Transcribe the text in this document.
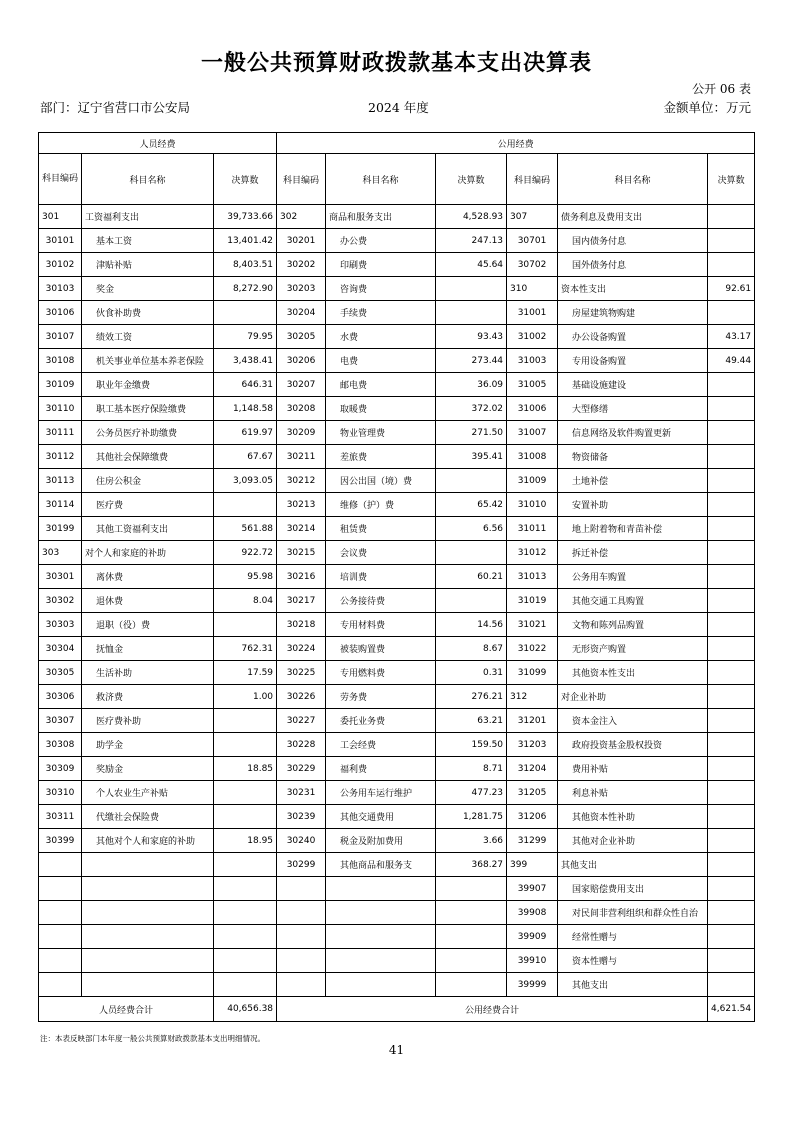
一般公共预算财政拨款基本支出决算表
公开 06 表
部门：辽宁省营口市公安局	2024 年度	金额单位：万元
人员经费			公用经费					
科目编码	科目名称	决算数	科目编码	科目名称	决算数	科目编码	科目名称	决算数
301	工资福利支出	39,733.66	302	商品和服务支出	4,528.93	307	债务利息及费用支出	
30101	基本工资	13,401.42	30201	办公费	247.13	30701	国内债务付息	
30102	津贴补贴	8,403.51	30202	印刷费	45.64	30702	国外债务付息	
30103	奖金	8,272.90	30203	咨询费		310	资本性支出	92.61
30106	伙食补助费		30204	手续费		31001	房屋建筑物购建	
30107	绩效工资	79.95	30205	水费	93.43	31002	办公设备购置	43.17
30108	机关事业单位基本养老保险	3,438.41	30206	电费	273.44	31003	专用设备购置	49.44
30109	职业年金缴费	646.31	30207	邮电费	36.09	31005	基础设施建设	
30110	职工基本医疗保险缴费	1,148.58	30208	取暖费	372.02	31006	大型修缮	
30111	公务员医疗补助缴费	619.97	30209	物业管理费	271.50	31007	信息网络及软件购置更新	
30112	其他社会保障缴费	67.67	30211	差旅费	395.41	31008	物资储备	
30113	住房公积金	3,093.05	30212	因公出国（境）费		31009	土地补偿	
30114	医疗费		30213	维修（护）费	65.42	31010	安置补助	
30199	其他工资福利支出	561.88	30214	租赁费	6.56	31011	地上附着物和青苗补偿	
303	对个人和家庭的补助	922.72	30215	会议费		31012	拆迁补偿	
30301	离休费	95.98	30216	培训费	60.21	31013	公务用车购置	
30302	退休费	8.04	30217	公务接待费		31019	其他交通工具购置	
30303	退职（役）费		30218	专用材料费	14.56	31021	文物和陈列品购置	
30304	抚恤金	762.31	30224	被装购置费	8.67	31022	无形资产购置	
30305	生活补助	17.59	30225	专用燃料费	0.31	31099	其他资本性支出	
30306	救济费	1.00	30226	劳务费	276.21	312	对企业补助	
30307	医疗费补助		30227	委托业务费	63.21	31201	资本金注入	
30308	助学金		30228	工会经费	159.50	31203	政府投资基金股权投资	
30309	奖励金	18.85	30229	福利费	8.71	31204	费用补贴	
30310	个人农业生产补贴		30231	公务用车运行维护	477.23	31205	利息补贴	
30311	代缴社会保险费		30239	其他交通费用	1,281.75	31206	其他资本性补助	
30399	其他对个人和家庭的补助	18.95	30240	税金及附加费用	3.66	31299	其他对企业补助	
			30299	其他商品和服务支	368.27	399	其他支出	
						39907	国家赔偿费用支出	
						39908	对民间非营利组织和群众性自治	
						39909	经常性赠与	
						39910	资本性赠与	
						39999	其他支出	
人员经费合计		40,656.38	公用经费合计					4,621.54
注：本表反映部门本年度一般公共预算财政拨款基本支出明细情况。
41
